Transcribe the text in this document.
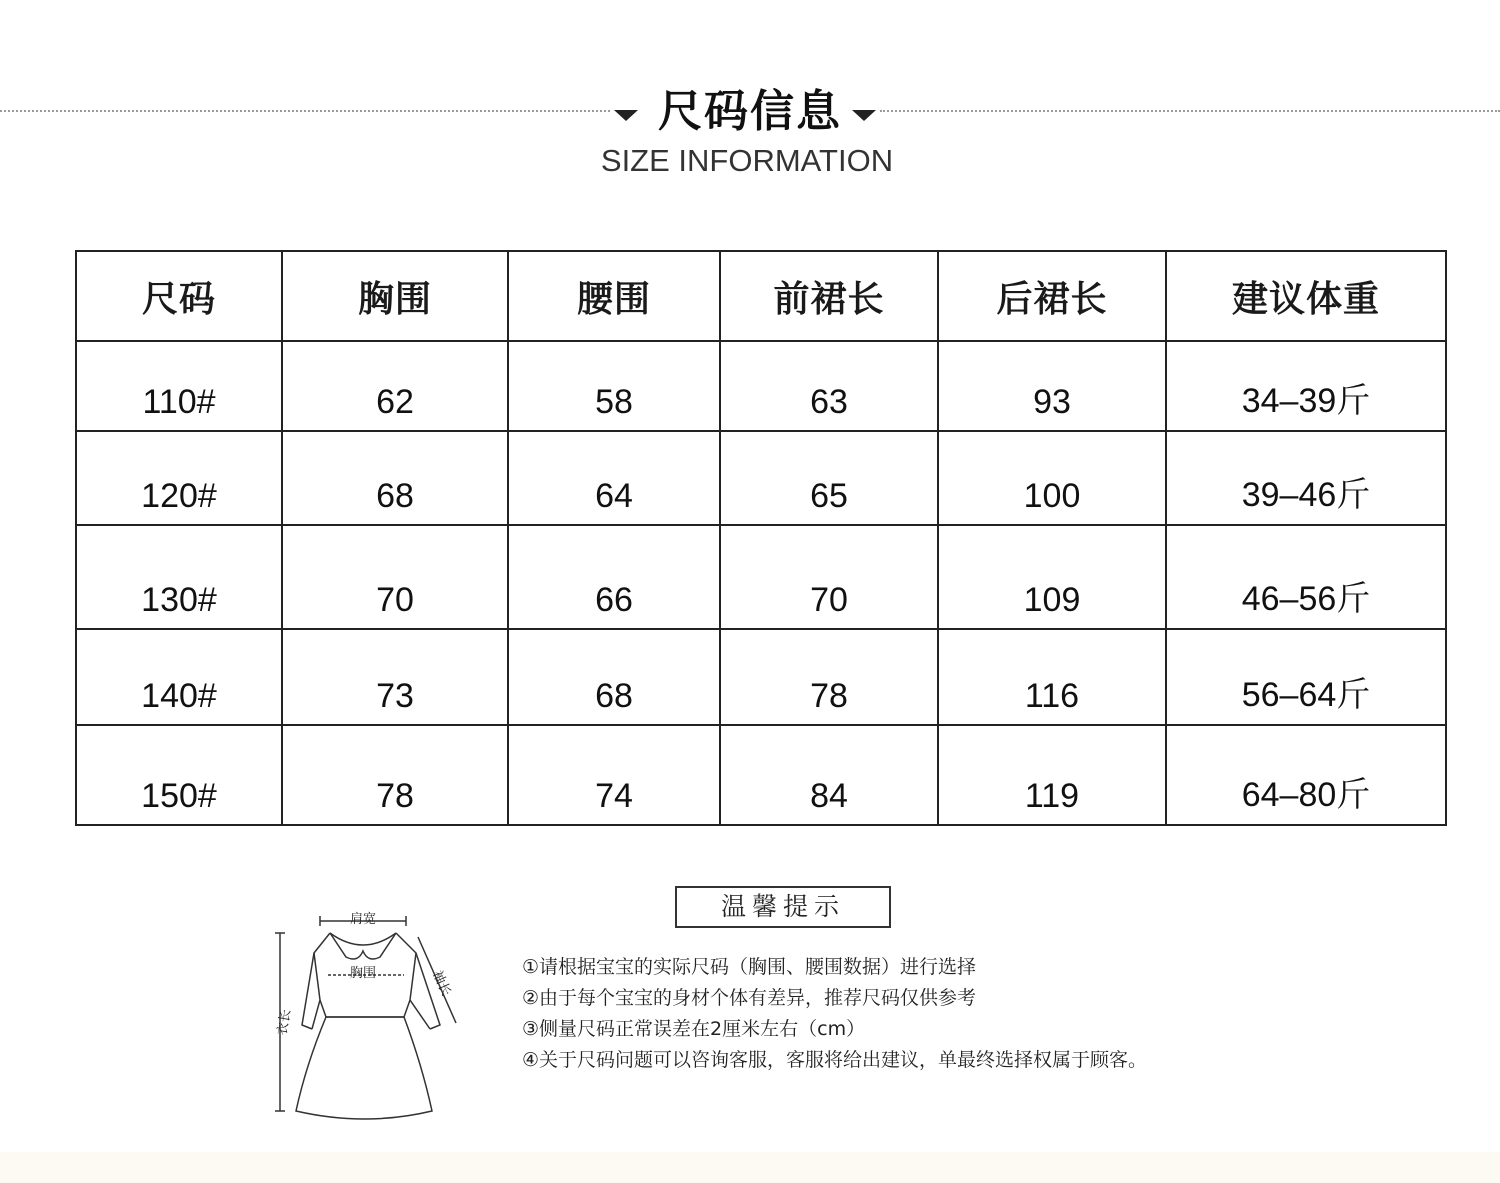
尺码信息
SIZE INFORMATION
尺码	胸围	腰围	前裙长	后裙长	建议体重
110#	62	58	63	93	34–39斤
120#	68	64	65	100	39–46斤
130#	70	66	70	109	46–56斤
140#	73	68	78	116	56–64斤
150#	78	74	84	119	64–80斤
肩宽
胸围	袖长
衣长
温馨提示
①请根据宝宝的实际尺码（胸围、腰围数据）进行选择
②由于每个宝宝的身材个体有差异，推荐尺码仅供参考
③侧量尺码正常误差在2厘米左右（cm）
④关于尺码问题可以咨询客服，客服将给出建议，单最终选择权属于顾客。
